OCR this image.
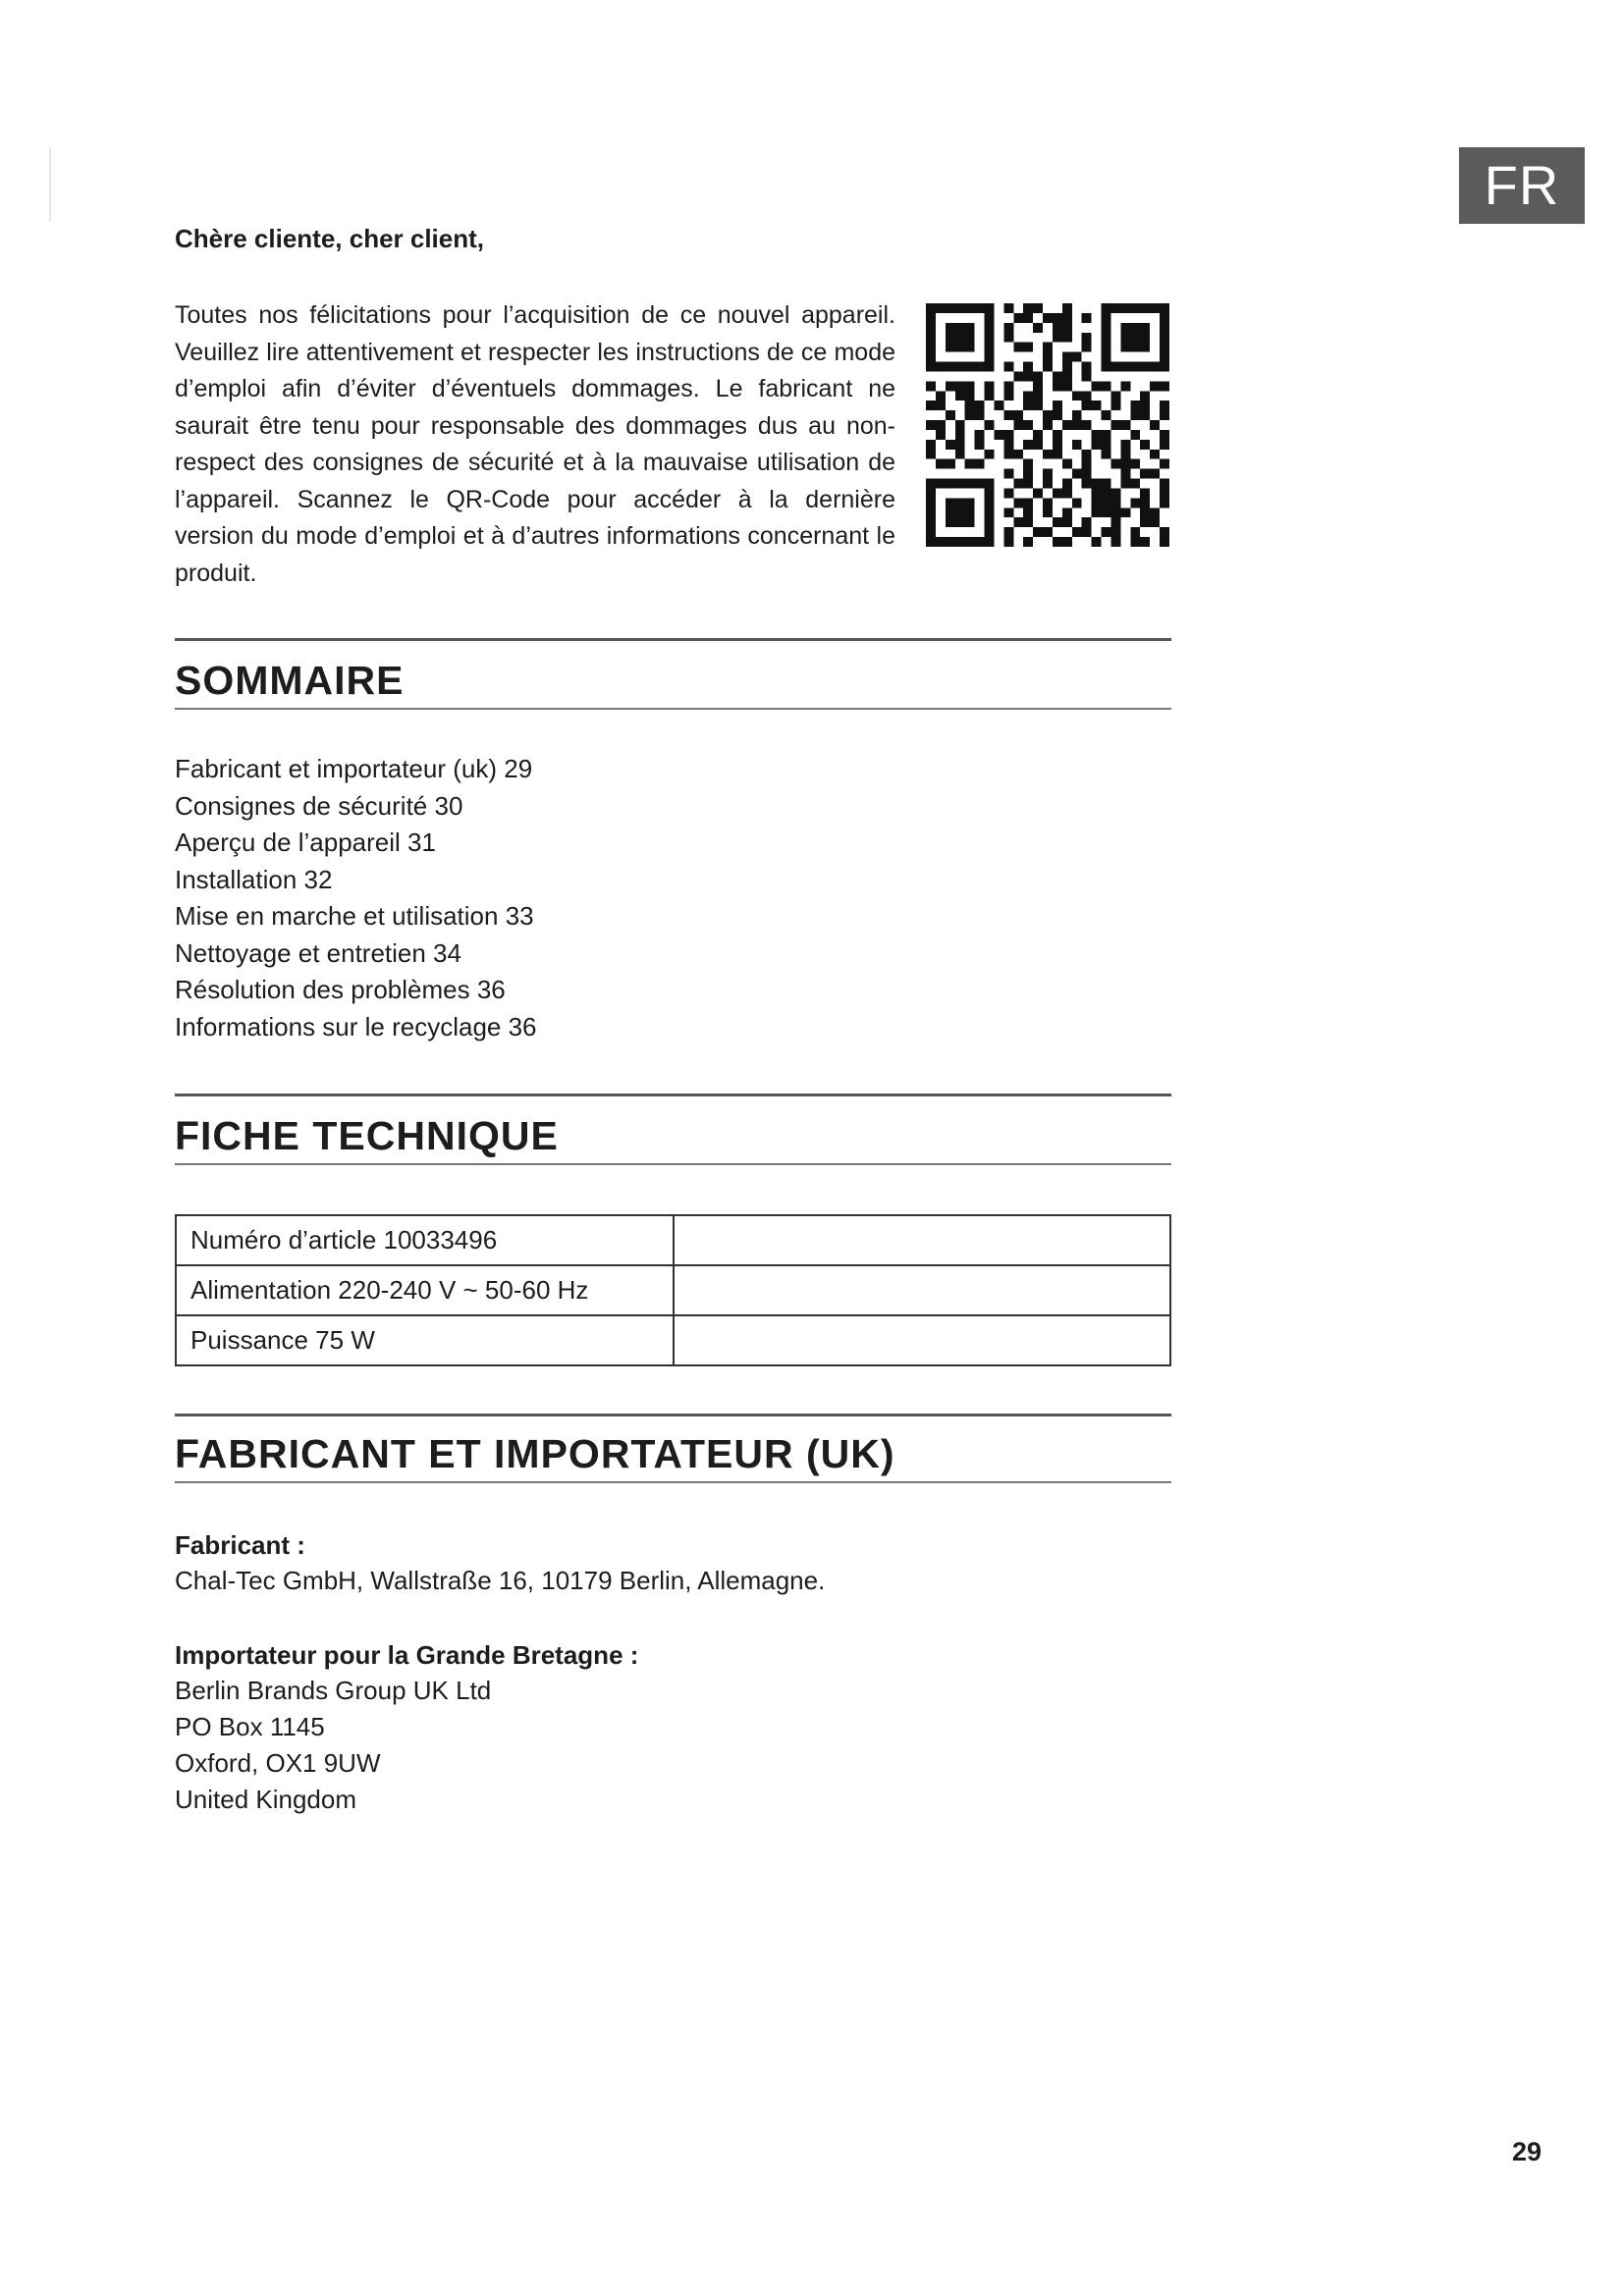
FR

Chère cliente, cher client,

Toutes nos félicitations pour l’acquisition de ce nouvel appareil. Veuillez lire attentivement et respecter les instructions de ce mode d’emploi afin d’éviter d’éventuels dommages. Le fabricant ne saurait être tenu pour responsable des dommages dus au non-respect des consignes de sécurité et à la mauvaise utilisation de l’appareil. Scannez le QR-Code pour accéder à la dernière version du mode d’emploi et à d’autres informations concernant le produit.

SOMMAIRE
Fabricant et importateur (uk) 29
Consignes de sécurité 30
Aperçu de l’appareil 31
Installation 32
Mise en marche et utilisation 33
Nettoyage et entretien 34
Résolution des problèmes 36
Informations sur le recyclage 36
FICHE TECHNIQUE
Numéro d’article 10033496	
Alimentation 220-240 V ~ 50-60 Hz	
Puissance 75 W	
FABRICANT ET IMPORTATEUR (UK)

Fabricant :

Chal-Tec GmbH, Wallstraße 16, 10179 Berlin, Allemagne.

Importateur pour la Grande Bretagne :

Berlin Brands Group UK Ltd

PO Box 1145

Oxford, OX1 9UW

United Kingdom

29
